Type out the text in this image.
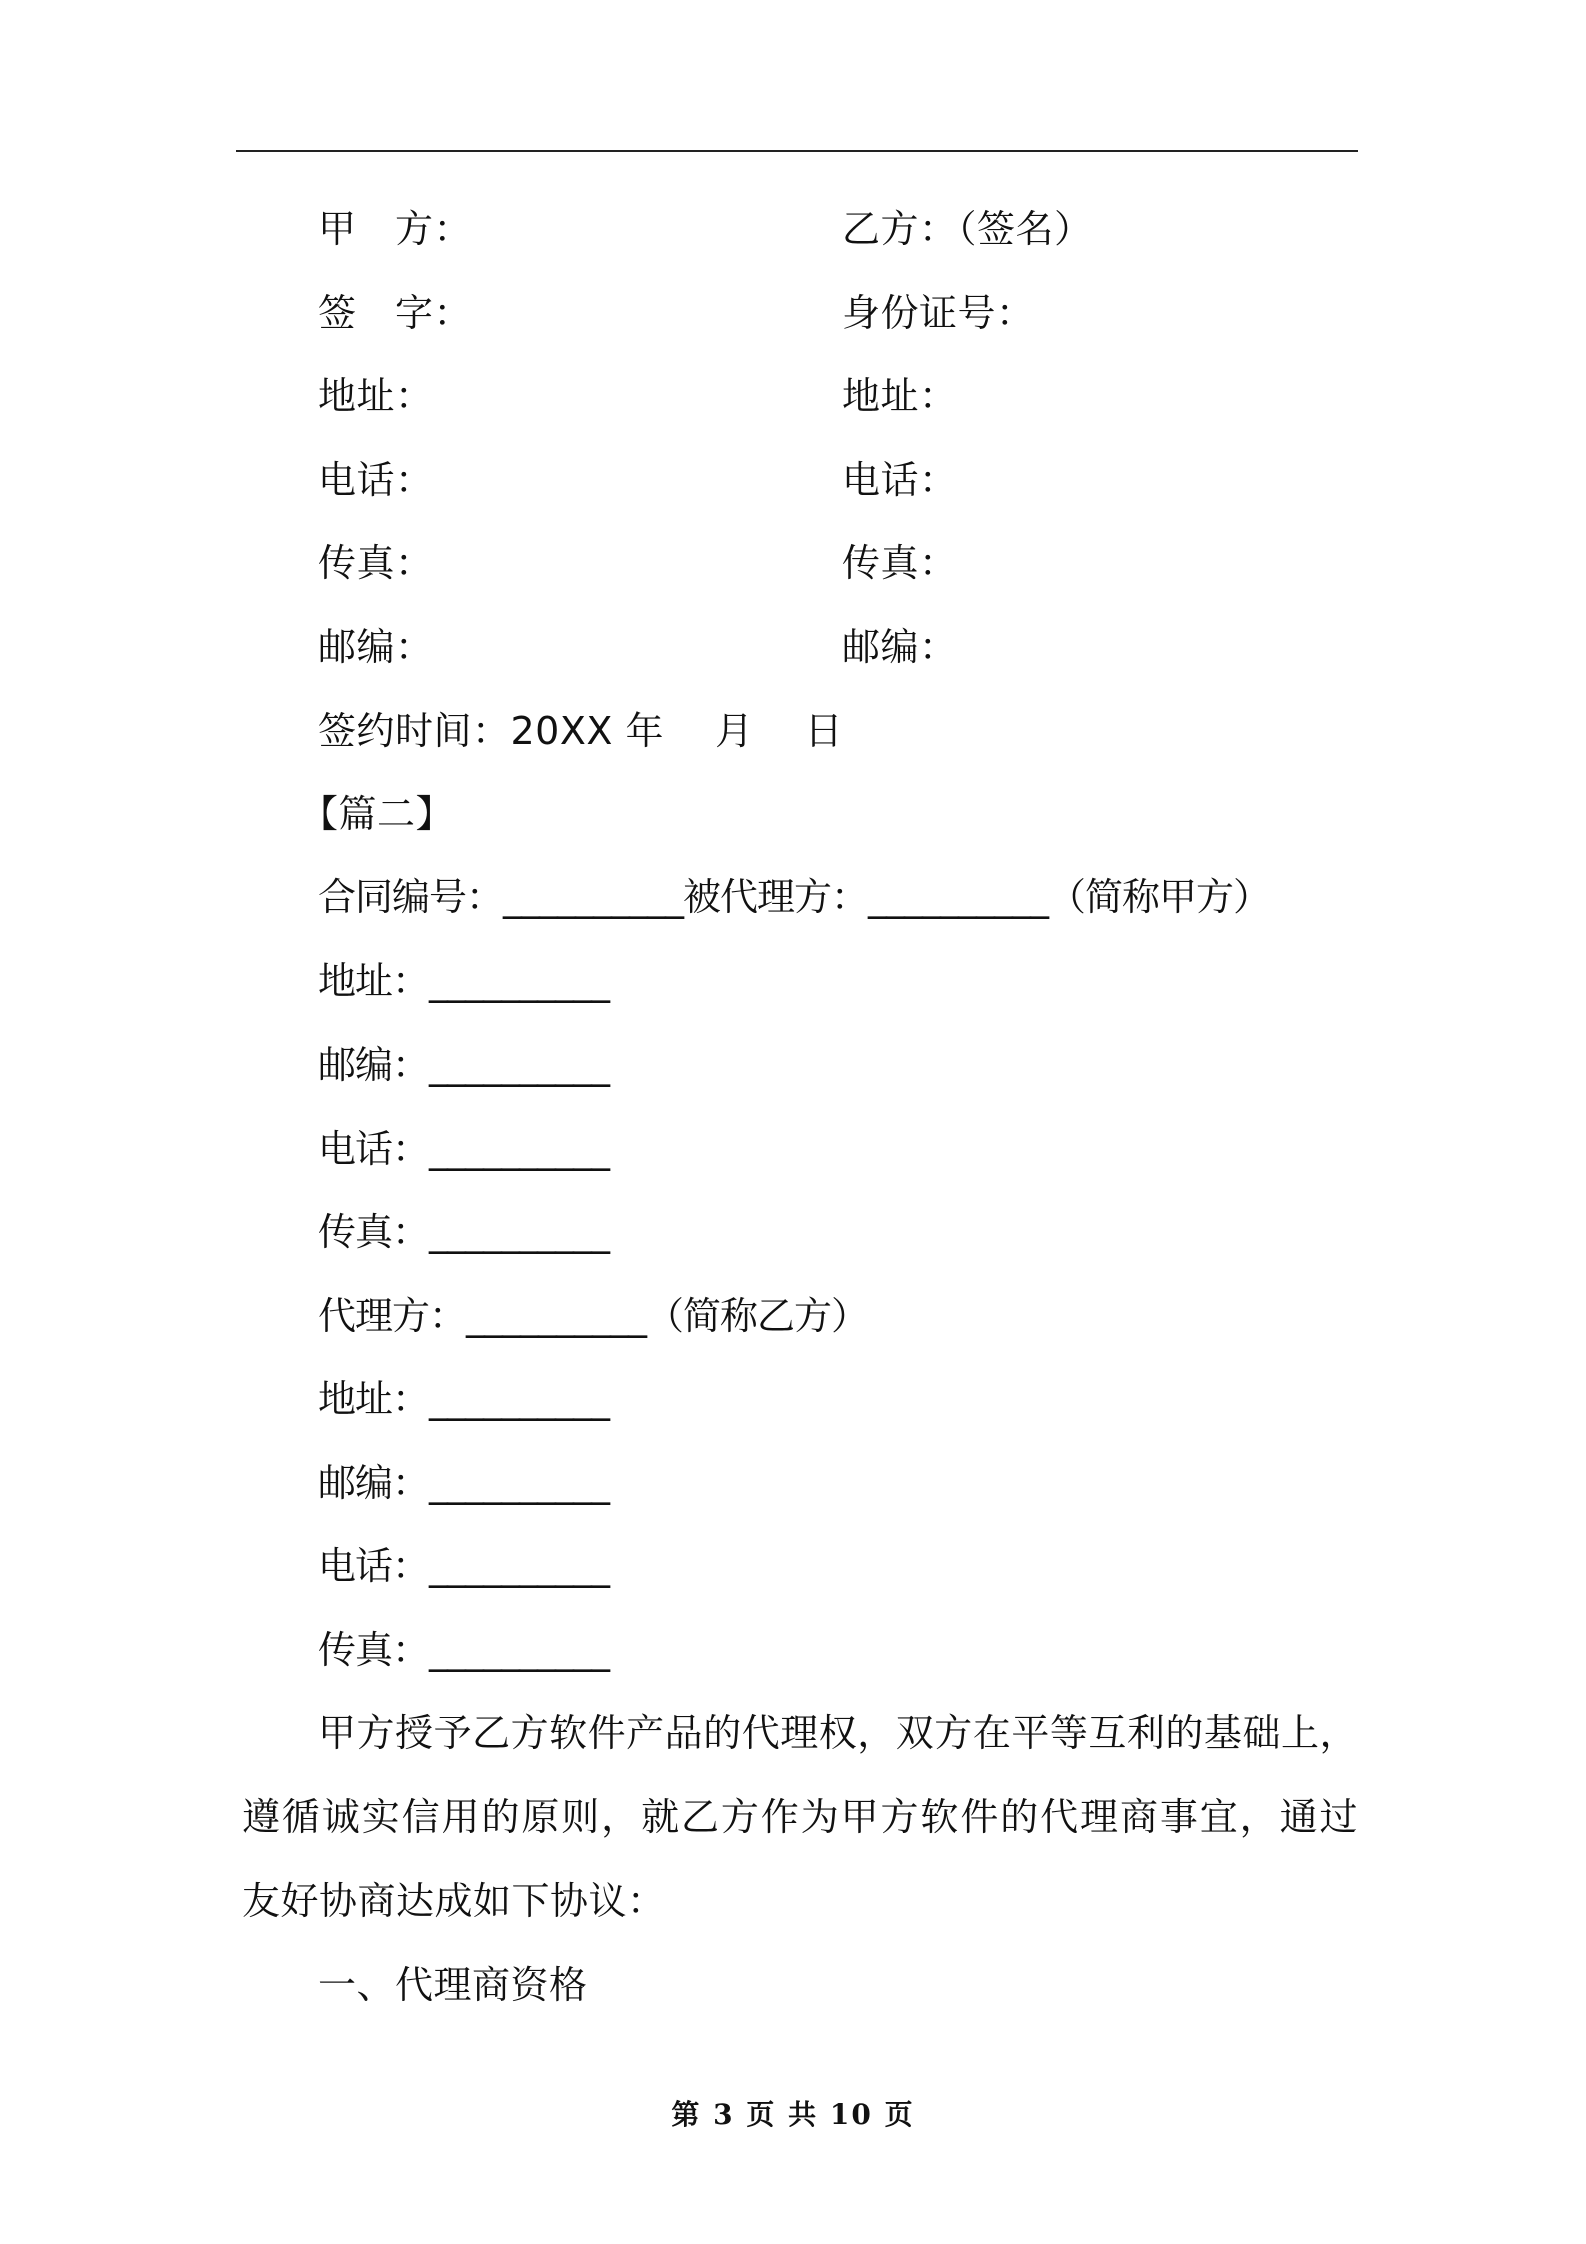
甲　方：	乙方：（签名）
签　字：	身份证号：
地址：	地址：
电话：	电话：
传真：	传真：
邮编：	邮编：
签约时间：20XX 年　 月　 日
【篇二】
合同编号：__________被代理方：__________（简称甲方）
地址：__________
邮编：__________
电话：__________
传真：__________
代理方：__________（简称乙方）
地址：__________
邮编：__________
电话：__________
传真：__________
甲方授予乙方软件产品的代理权，双方在平等互利的基础上，遵循诚实信用的原则，就乙方作为甲方软件的代理商事宜，通过友好协商达成如下协议：
一、代理商资格
第 3 页 共 10 页
